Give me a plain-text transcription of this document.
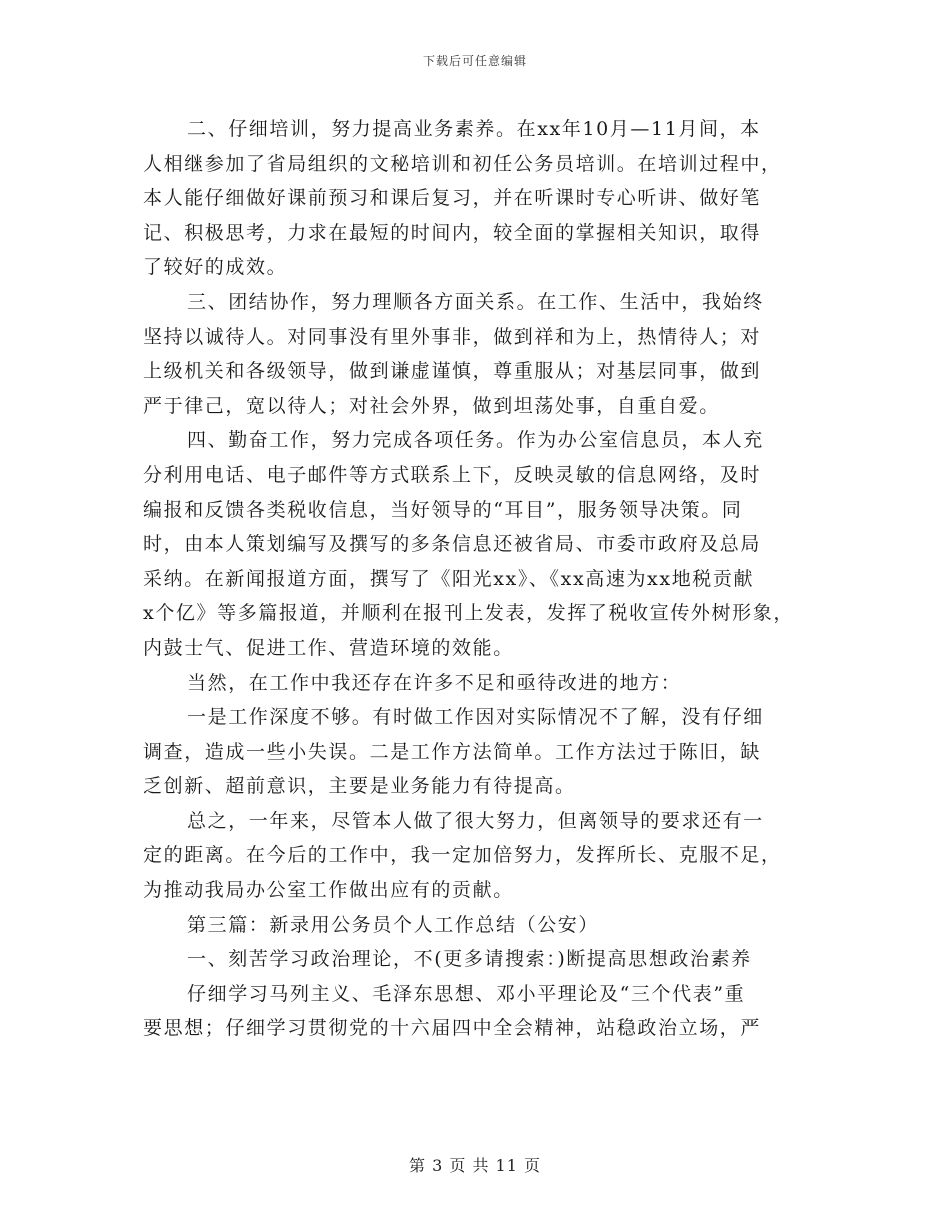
下载后可任意编辑
二、仔细培训，努力提高业务素养。在xx年10月—11月间，本
人相继参加了省局组织的文秘培训和初任公务员培训。在培训过程中，
本人能仔细做好课前预习和课后复习，并在听课时专心听讲、做好笔
记、积极思考，力求在最短的时间内，较全面的掌握相关知识，取得
了较好的成效。
三、团结协作，努力理顺各方面关系。在工作、生活中，我始终
坚持以诚待人。对同事没有里外事非，做到祥和为上，热情待人；对
上级机关和各级领导，做到谦虚谨慎，尊重服从；对基层同事，做到
严于律己，宽以待人；对社会外界，做到坦荡处事，自重自爱。
四、勤奋工作，努力完成各项任务。作为办公室信息员，本人充
分利用电话、电子邮件等方式联系上下，反映灵敏的信息网络，及时
编报和反馈各类税收信息，当好领导的“耳目”，服务领导决策。同
时，由本人策划编写及撰写的多条信息还被省局、市委市政府及总局
采纳。在新闻报道方面，撰写了《阳光xx》、《xx高速为xx地税贡献
x个亿》等多篇报道，并顺利在报刊上发表，发挥了税收宣传外树形象，
内鼓士气、促进工作、营造环境的效能。
当然，在工作中我还存在许多不足和亟待改进的地方：
一是工作深度不够。有时做工作因对实际情况不了解，没有仔细
调查，造成一些小失误。二是工作方法简单。工作方法过于陈旧，缺
乏创新、超前意识，主要是业务能力有待提高。
总之，一年来，尽管本人做了很大努力，但离领导的要求还有一
定的距离。在今后的工作中，我一定加倍努力，发挥所长、克服不足，
为推动我局办公室工作做出应有的贡献。
第三篇：新录用公务员个人工作总结（公安）
一、刻苦学习政治理论，不(更多请搜索：)断提高思想政治素养
仔细学习马列主义、毛泽东思想、邓小平理论及“三个代表”重
要思想；仔细学习贯彻党的十六届四中全会精神，站稳政治立场，严
第 3 页 共 11 页
